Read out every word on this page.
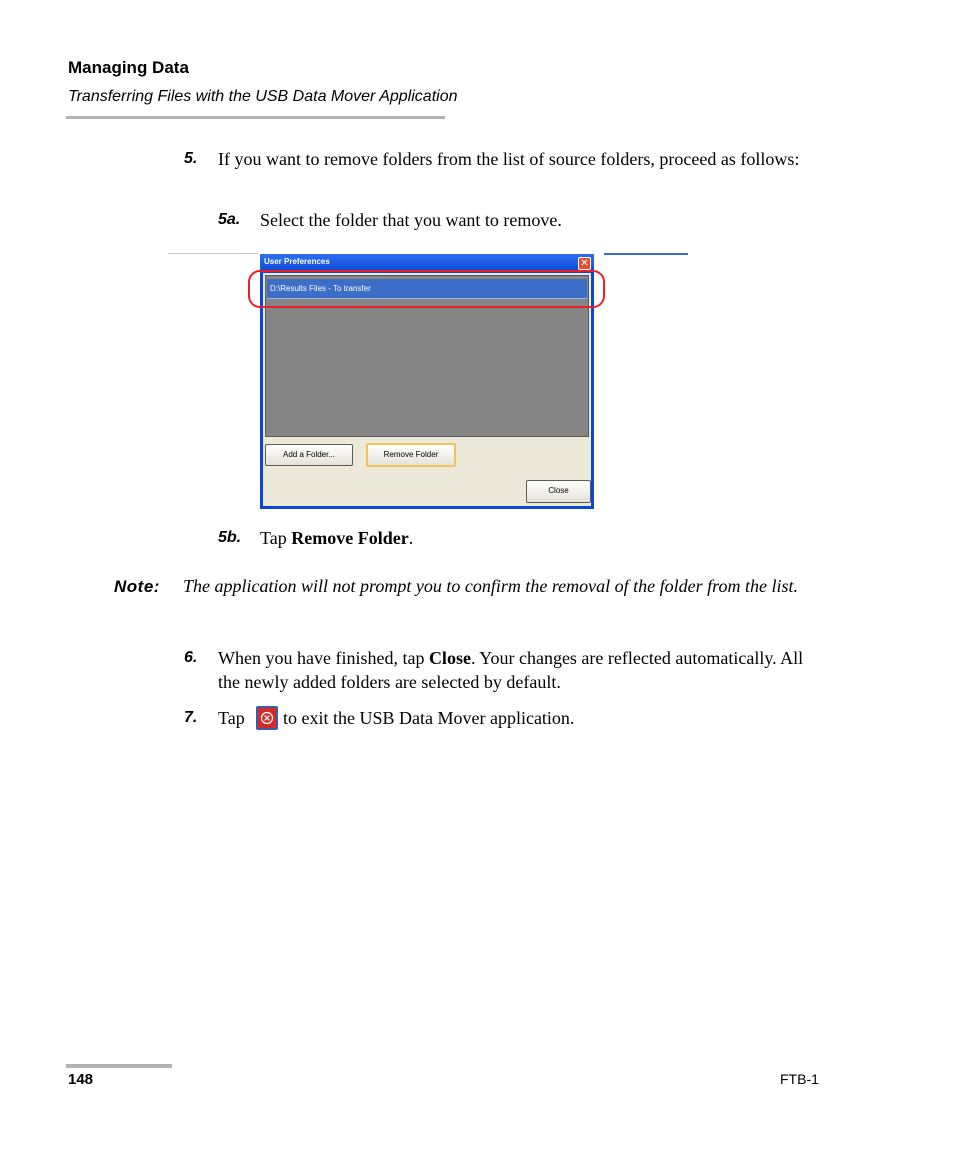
Managing Data
Transferring Files with the USB Data Mover Application
5. If you want to remove folders from the list of source folders, proceed as follows:
5a. Select the folder that you want to remove.
User Preferences	✕
D:\Results Files - To transfer
Add a Folder...	Remove Folder
Close
5b. Tap Remove Folder.
Note: The application will not prompt you to confirm the removal of the folder from the list.
6. When you have finished, tap Close. Your changes are reflected automatically. All the newly added folders are selected by default.
7. Tap to exit the USB Data Mover application.
148	FTB-1
